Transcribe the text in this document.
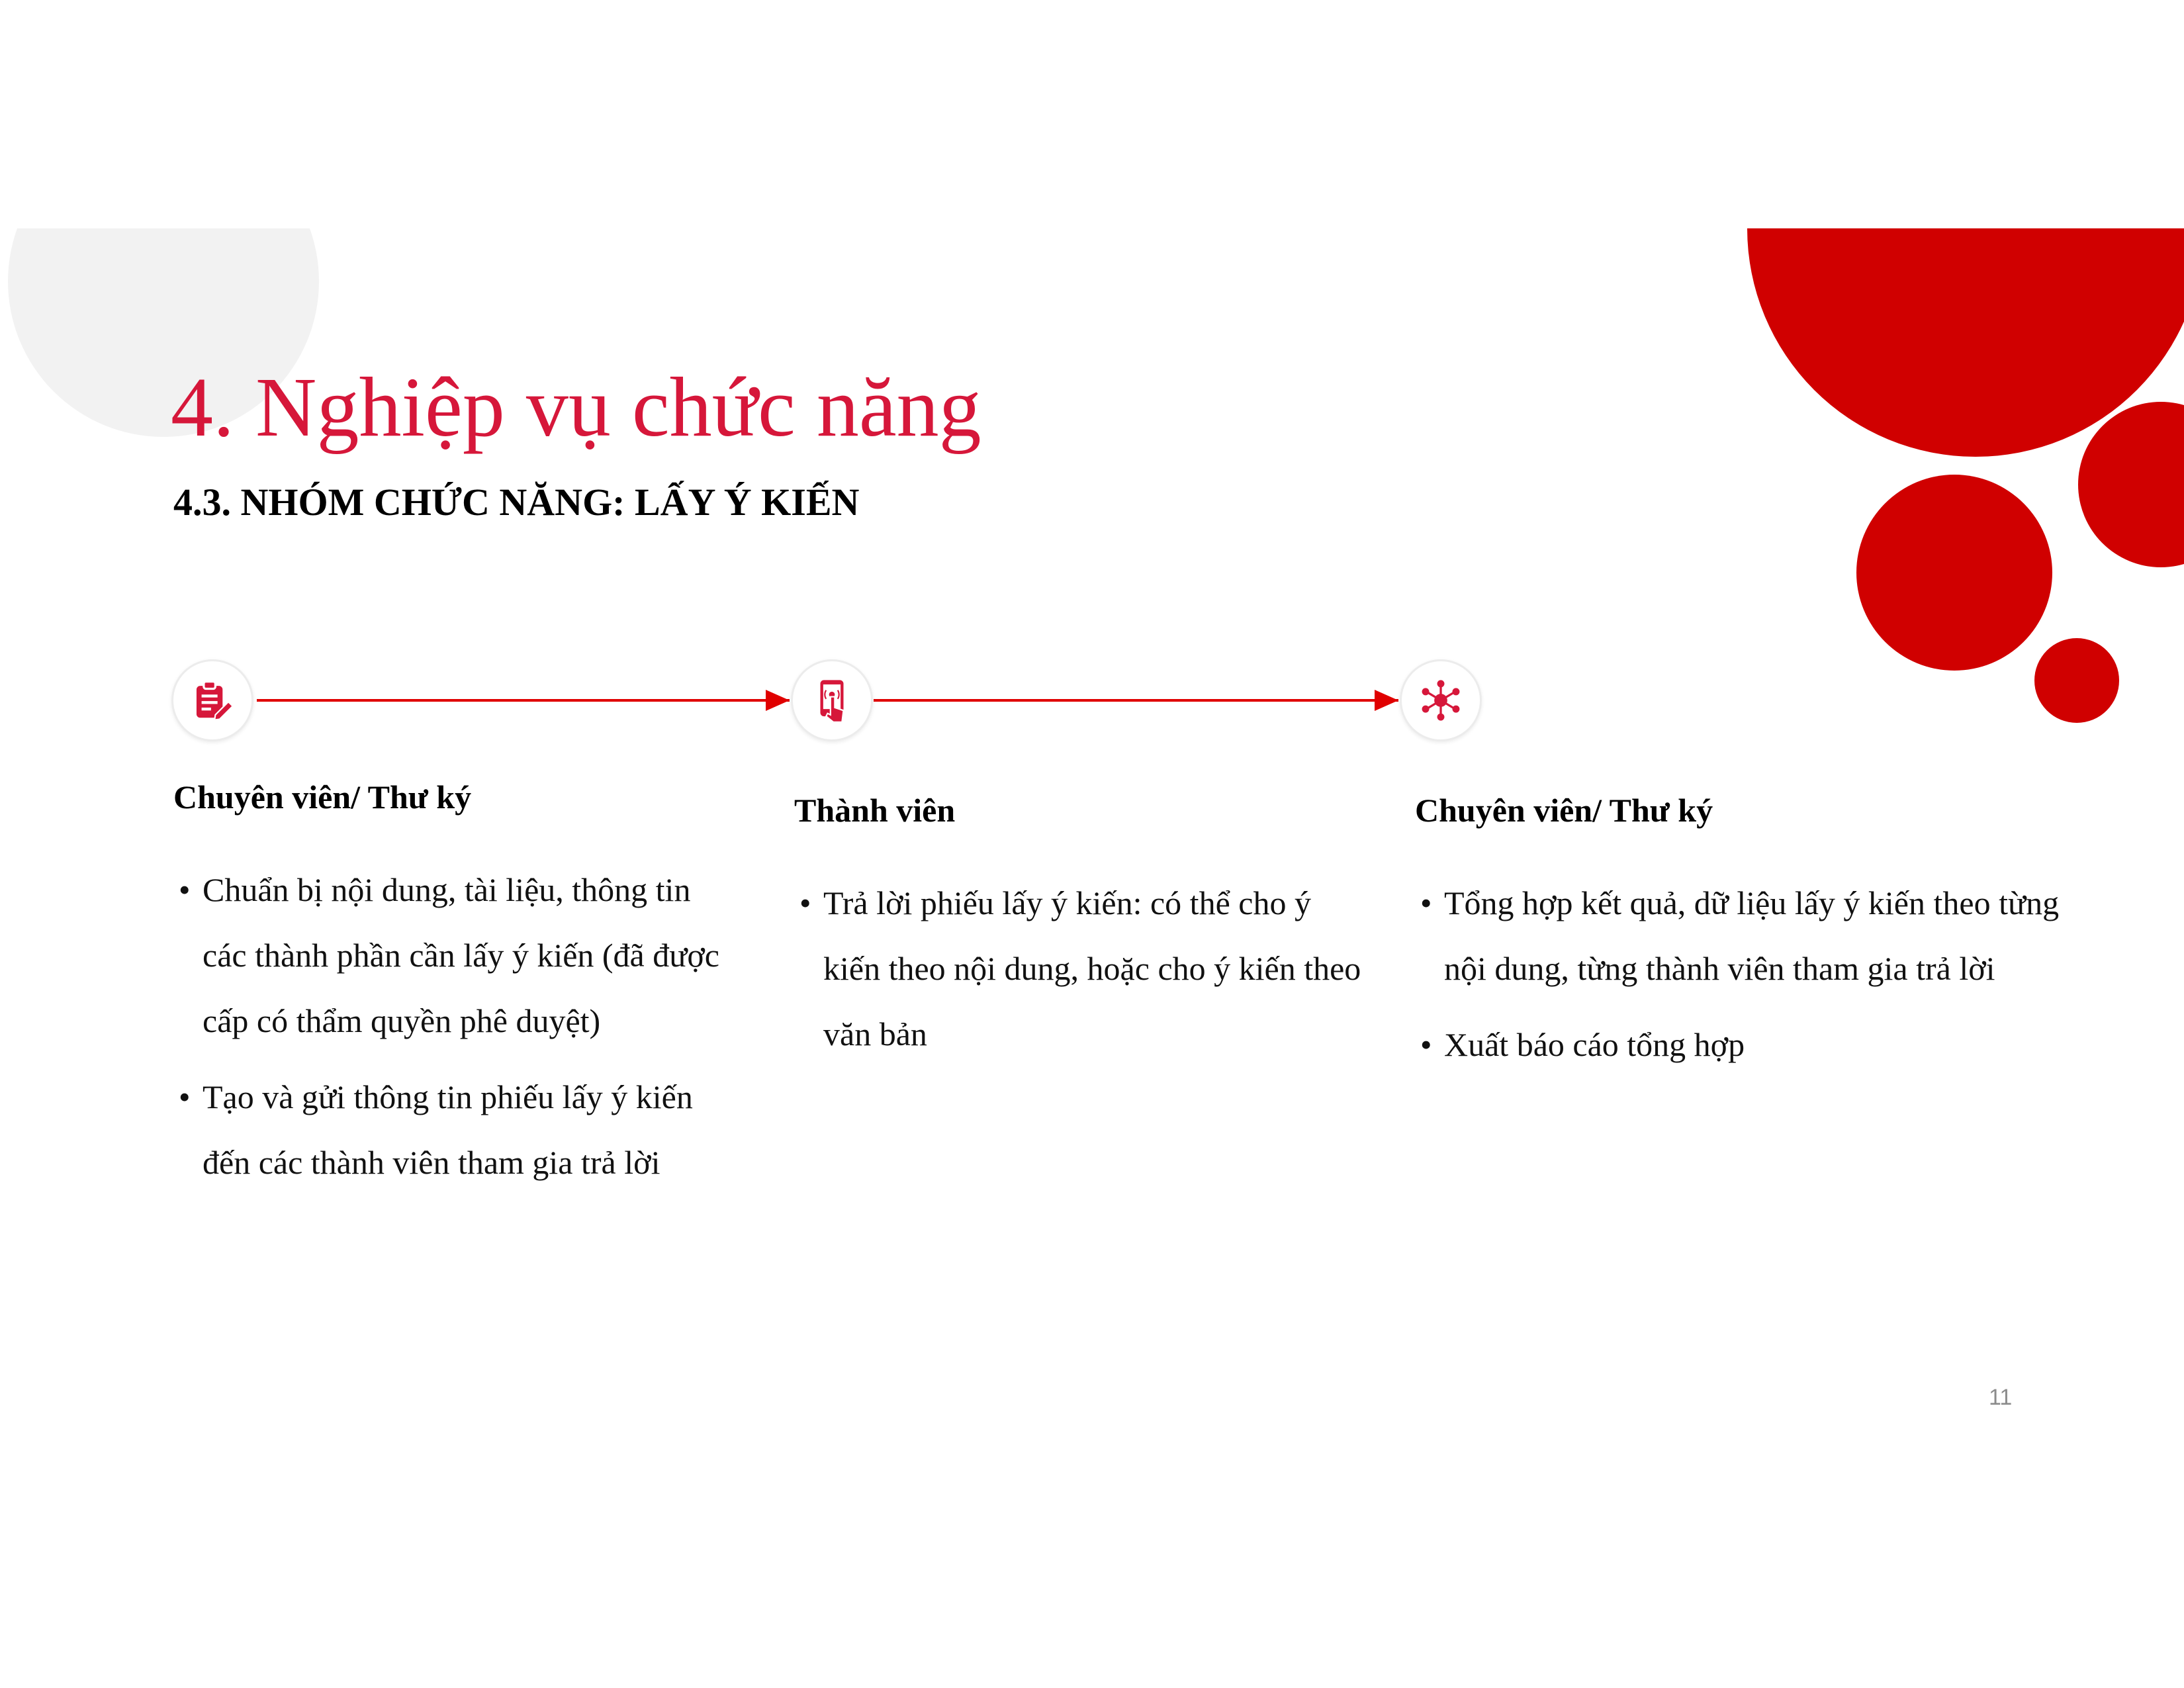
4. Nghiệp vụ chức năng
4.3. NHÓM CHỨC NĂNG: LẤY Ý KIẾN
Chuyên viên/ Thư ký
• Chuẩn bị nội dung, tài liệu, thông tin các thành phần cần lấy ý kiến (đã được cấp có thẩm quyền phê duyệt)
• Tạo và gửi thông tin phiếu lấy ý kiến đến các thành viên tham gia trả lời
Thành viên
• Trả lời phiếu lấy ý kiến: có thể cho ý kiến theo nội dung, hoặc cho ý kiến theo văn bản
Chuyên viên/ Thư ký
• Tổng hợp kết quả, dữ liệu lấy ý kiến theo từng nội dung, từng thành viên tham gia trả lời
• Xuất báo cáo tổng hợp
11
